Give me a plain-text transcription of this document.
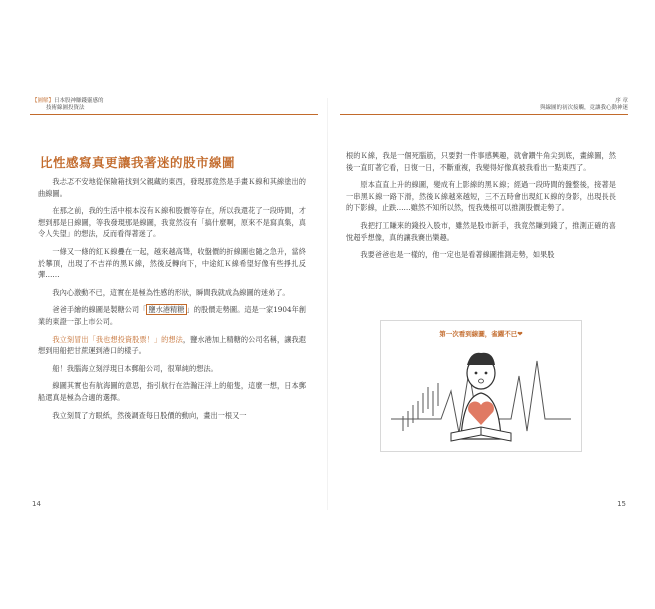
【圖解】日本股神賺錢靈感的
技術線圖投資法
比性感寫真更讓我著迷的股市線圖

我忐忑不安地從保險箱找到父親藏的東西，發現那竟然是手畫Ｋ線和其線塗出的曲線圖。

在那之前，我的生活中根本沒有Ｋ線和股價等存在，所以我還花了一段時間，才想到那是日線圖，等我發現那是線圖，我竟然沒有「搞什麼啊，原來不是寫真集，真令人失望」的想法，反而看得著迷了。

一條又一條的紅Ｋ線疊在一起，越來越高聳，收盤價的折線圖也隨之急升，當終於攀頂，出現了不吉祥的黑Ｋ線，然後反轉向下，中途紅Ｋ線希望好像有些掙扎反彈……

我內心激動不已，這實在是極為性感的形狀，瞬間我就成為線圖的迷弟了。

爸爸手繪的線圖是製糖公司「 鹽水港精糖 」的股價走勢圖。這是一家1904年創業的東證一部上市公司。

我立刻冒出「我也想投資股票！」的想法，鹽水港加上精糖的公司名稱，讓我遐想到用船把甘蔗運到港口的樣子。

船！我腦海立刻浮現日本郵船公司，很單純的想法。

線圖其實也有航海圖的意思，指引航行在浩瀚汪洋上的船隻，這麼一想，日本郵船還真是極為合適的選擇。

我立刻買了方眼紙，然後調查每日股價的動向，畫出一根又一

14
序 章
與線圖的初次接觸，竟讓我心動神迷

根的Ｋ線，我是一個死腦筋，只要對一件事感興趣，就會鑽牛角尖到底，畫線圖，然後一直盯著它看，日復一日，不斷重複，我變得好像真被我看出一點東西了。

原本直直上升的線圖，變成有上影線的黑Ｋ線；經過一段時間的盤整後，接著是一串黑Ｋ線一路下滑，然後Ｋ線越來越短，三不五時會出現紅Ｋ線的身影，出現長長的下影線，止跌……雖然不知所以然，恆我幾根可以推測股價走勢了。

我把打工賺來的錢投入股市，雖然是股市新手，我竟然賺到錢了，推測正確的喜悅超乎想像，真的讓我賽出樂趣。

我要爸爸也是一樣的，他一定也是看著線圖推測走勢，如果股

第一次看到線圖，雀躍不已❤
15
